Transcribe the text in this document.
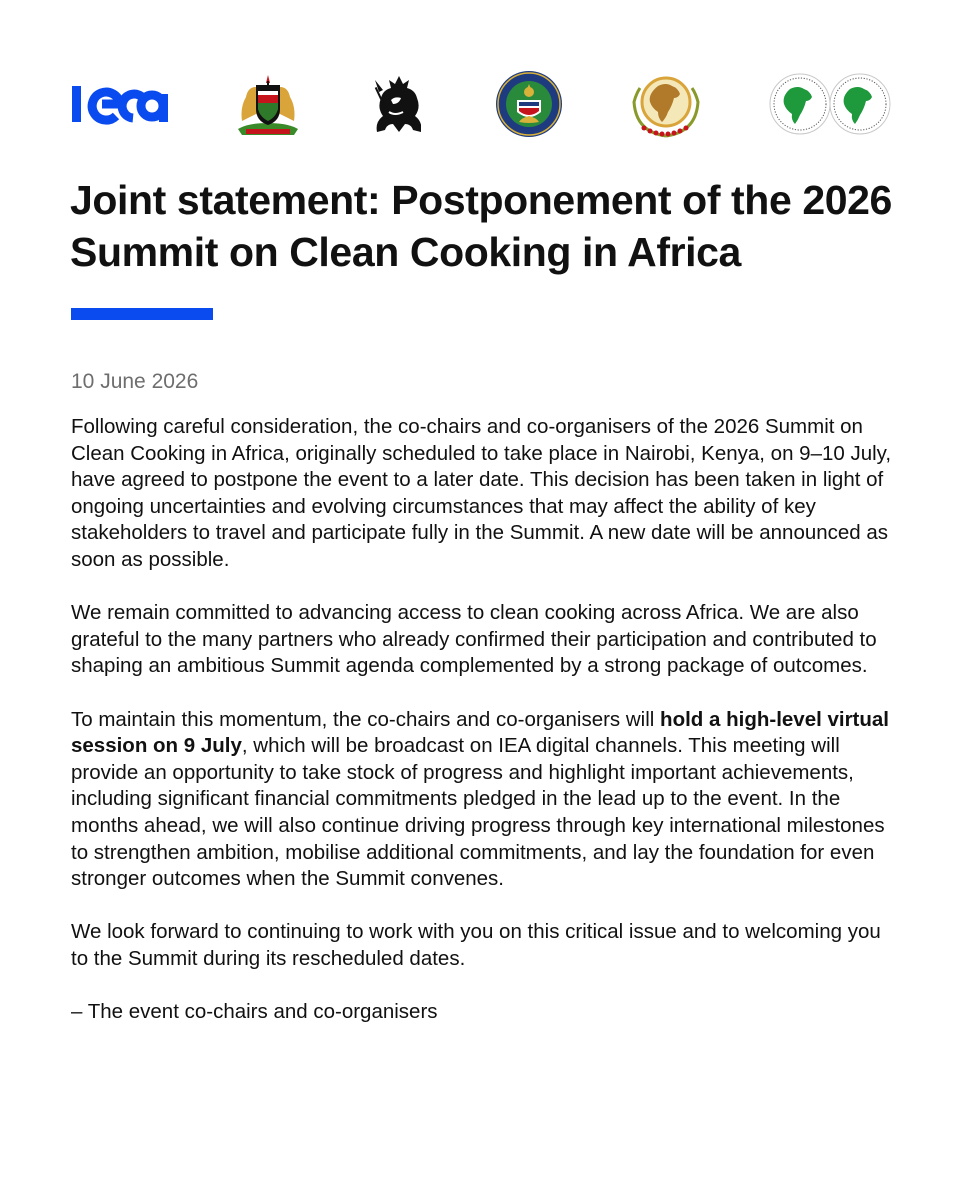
Joint statement: Postponement of the 2026 Summit on Clean Cooking in Africa

10 June 2026

Following careful consideration, the co-chairs and co-organisers of the 2026 Summit on Clean Cooking in Africa, originally scheduled to take place in Nairobi, Kenya, on 9–10 July, have agreed to postpone the event to a later date. This decision has been taken in light of ongoing uncertainties and evolving circumstances that may affect the ability of key stakeholders to travel and participate fully in the Summit. A new date will be announced as soon as possible.

We remain committed to advancing access to clean cooking across Africa. We are also grateful to the many partners who already confirmed their participation and contributed to shaping an ambitious Summit agenda complemented by a strong package of outcomes.

To maintain this momentum, the co-chairs and co-organisers will hold a high-level virtual session on 9 July, which will be broadcast on IEA digital channels. This meeting will provide an opportunity to take stock of progress and highlight important achievements, including significant financial commitments pledged in the lead up to the event. In the months ahead, we will also continue driving progress through key international milestones to strengthen ambition, mobilise additional commitments, and lay the foundation for even stronger outcomes when the Summit convenes.

We look forward to continuing to work with you on this critical issue and to welcoming you to the Summit during its rescheduled dates.

– The event co-chairs and co-organisers
